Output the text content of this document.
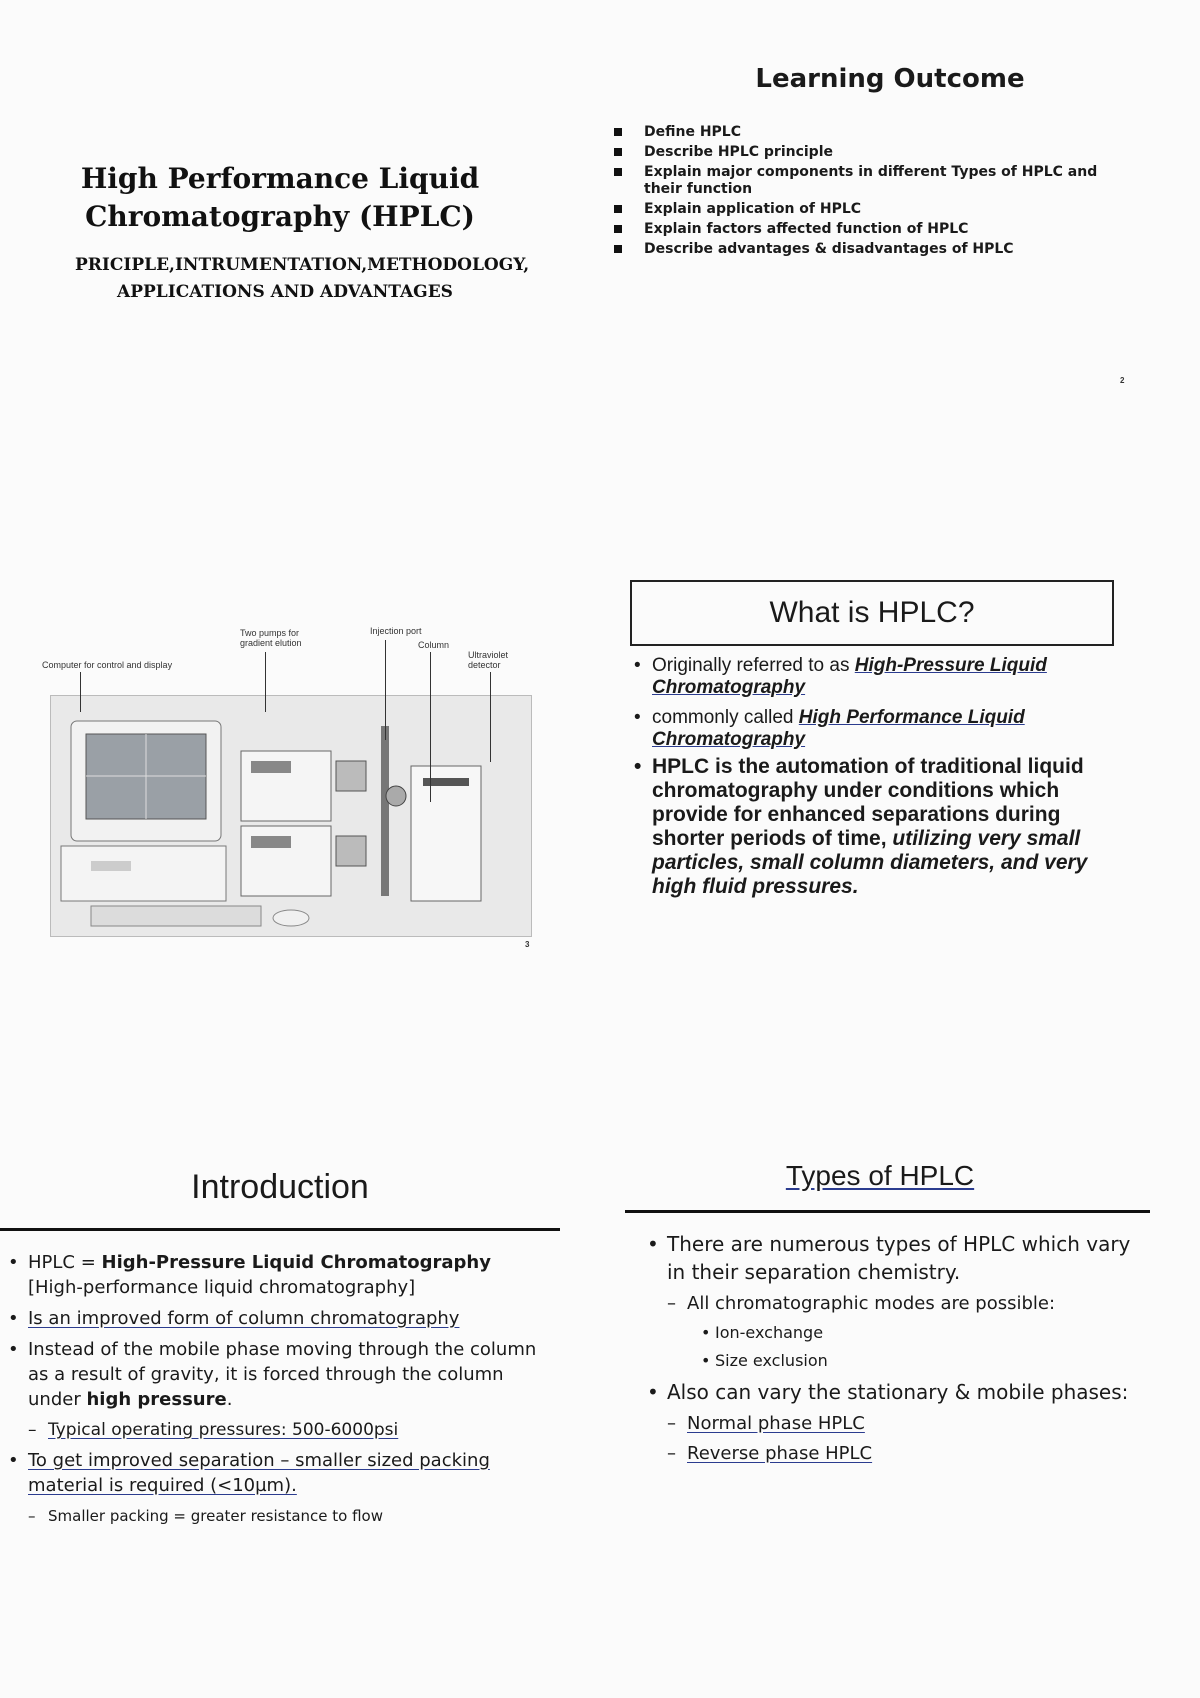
High Performance Liquid Chromatography (HPLC)
PRICIPLE,INTRUMENTATION,METHODOLOGY, APPLICATIONS AND ADVANTAGES
Learning Outcome
Define HPLC
Describe HPLC principle
Explain major components in different Types of HPLC and their function
Explain application of HPLC
Explain factors affected function of HPLC
Describe advantages & disadvantages of HPLC
2
Computer for control and display
Two pumps for gradient elution
Injection port
Column
Ultraviolet detector
3
What is HPLC?
• Originally referred to as High-Pressure Liquid Chromatography
• commonly called High Performance Liquid Chromatography
• HPLC is the automation of traditional liquid chromatography under conditions which provide for enhanced separations during shorter periods of time, utilizing very small particles, small column diameters, and very high fluid pressures.
Introduction
• HPLC = High-Pressure Liquid Chromatography [High-performance liquid chromatography]
• Is an improved form of column chromatography
• Instead of the mobile phase moving through the column as a result of gravity, it is forced through the column under high pressure.
– Typical operating pressures: 500-6000psi
• To get improved separation – smaller sized packing material is required (<10µm).
– Smaller packing = greater resistance to flow
Types of HPLC
• There are numerous types of HPLC which vary in their separation chemistry.
– All chromatographic modes are possible:
• Ion-exchange
• Size exclusion
• Also can vary the stationary & mobile phases:
– Normal phase HPLC
– Reverse phase HPLC
